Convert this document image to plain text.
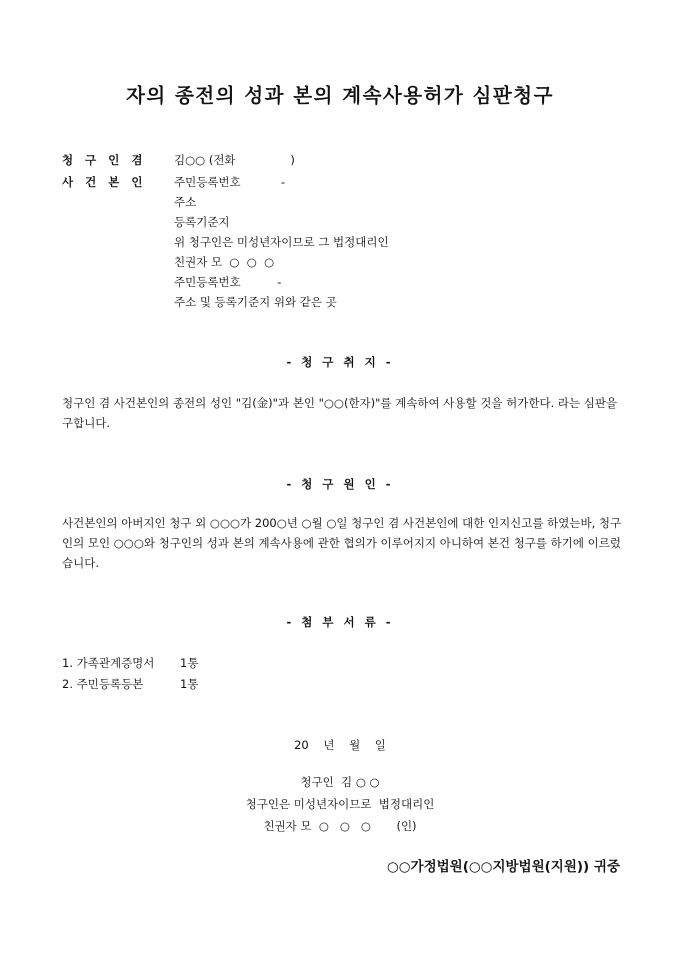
자의 종전의 성과 본의 계속사용허가 심판청구
청 구 인 겸 김○○ (전화               )
사 건 본 인 주민등록번호           -
주소
등록기준지
위 청구인은 미성년자이므로 그 법정대리인
친권자 모  ○  ○  ○
주민등록번호          -
주소 및 등록기준지 위와 같은 곳
- 청 구 취 지 -
청구인 겸 사건본인의 종전의 성인 "김(金)"과 본인 "○○(한자)"를 계속하여 사용할 것을 허가한다. 라는 심판을 구합니다.
- 청 구 원 인 -
사건본인의 아버지인 청구 외 ○○○가 200○년 ○월 ○일 청구인 겸 사건본인에 대한 인지신고를 하였는바, 청구인의 모인 ○○○와 청구인의 성과 본의 계속사용에 관한 협의가 이루어지지 아니하여 본건 청구를 하기에 이르렀습니다.
- 첨 부 서 류 -
1. 가족관계증명서 1통
2. 주민등록등본	1통
20    년    월    일
청구인  김 ○ ○
청구인은 미성년자이므로  법정대리인
친권자 모  ○   ○   ○       (인)
○○가정법원(○○지방법원(지원)) 귀중
